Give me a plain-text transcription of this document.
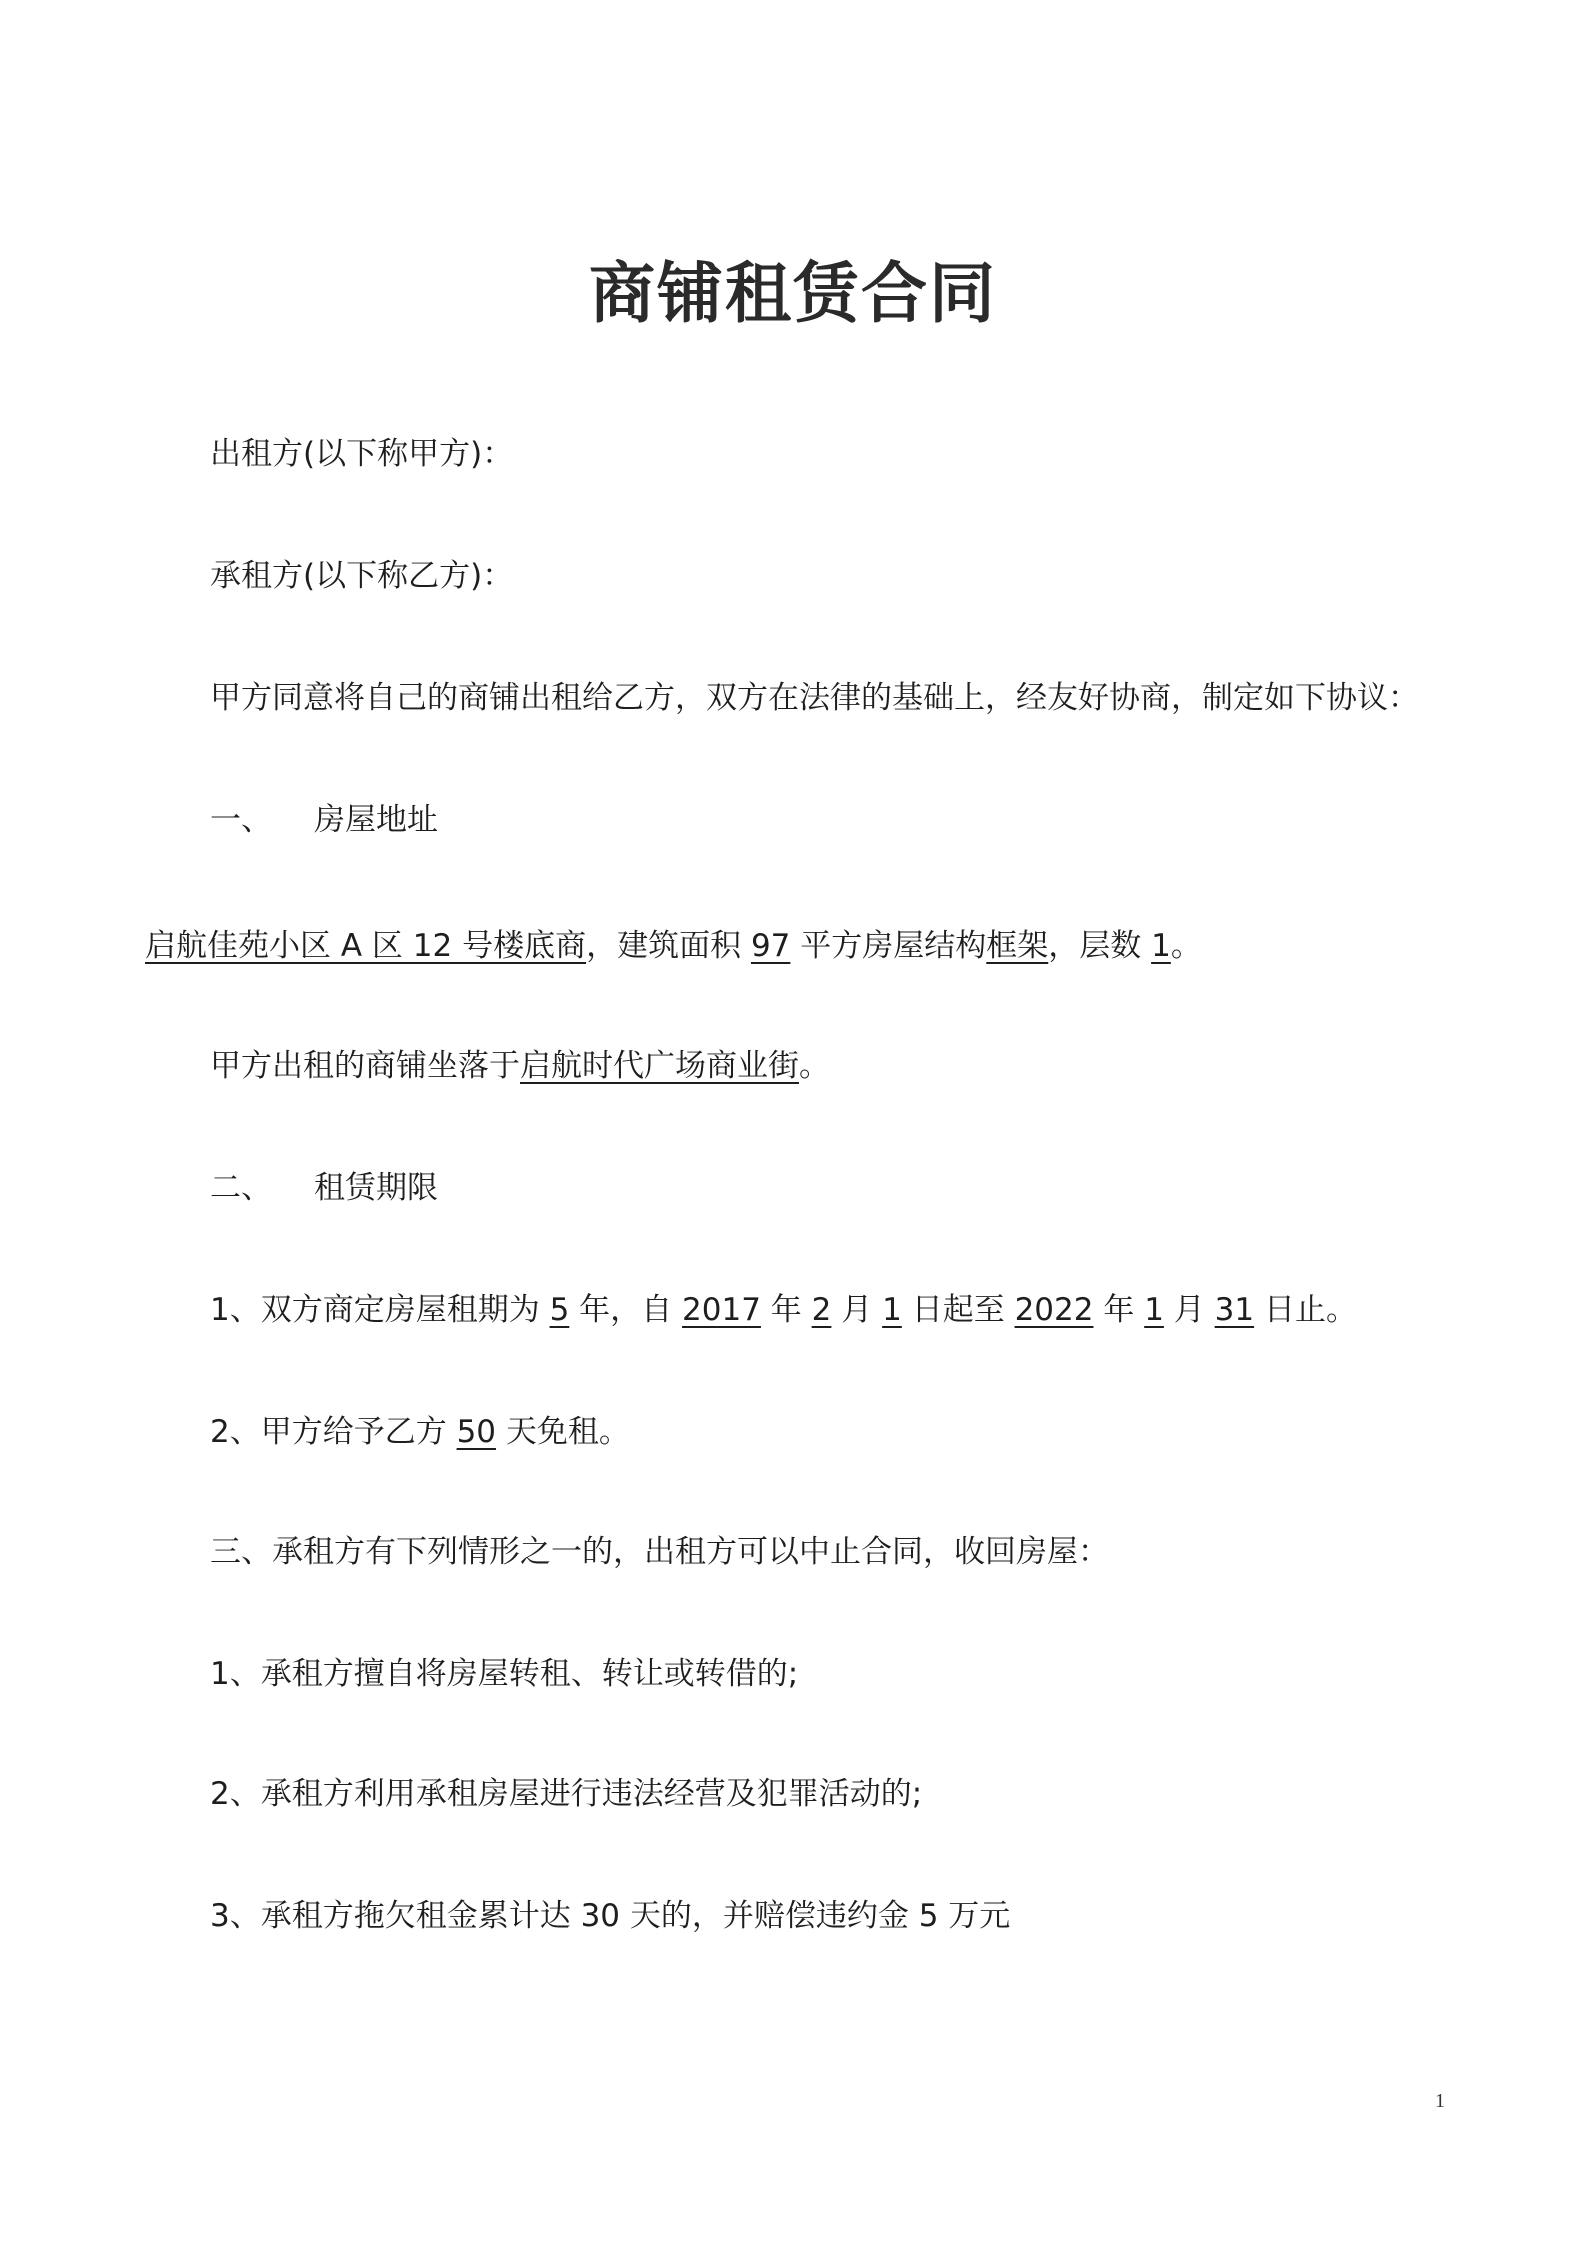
商铺租赁合同
出租方(以下称甲方)：
承租方(以下称乙方)：
甲方同意将自己的商铺出租给乙方，双方在法律的基础上，经友好协商，制定如下协议：
一、 房屋地址
启航佳苑小区 A 区 12 号楼底商，建筑面积 97 平方房屋结构框架，层数 1。
甲方出租的商铺坐落于启航时代广场商业街。
二、 租赁期限
1、双方商定房屋租期为 5 年，自 2017 年 2 月 1 日起至 2022 年 1 月 31 日止。
2、甲方给予乙方 50 天免租。
三、承租方有下列情形之一的，出租方可以中止合同，收回房屋：
1、承租方擅自将房屋转租、转让或转借的;
2、承租方利用承租房屋进行违法经营及犯罪活动的;
3、承租方拖欠租金累计达 30 天的，并赔偿违约金 5 万元
1
